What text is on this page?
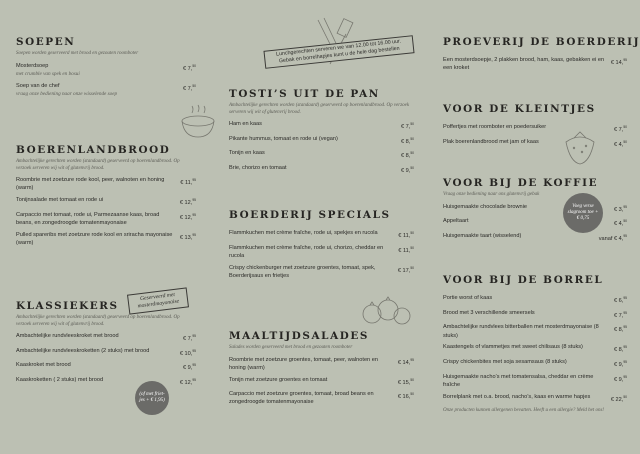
SOEPEN
Soepen worden geserveerd met brood en gezouten roomboter
Mosterdsoep
met crumble van spek en bosui
€ 7,50
Soep van de chef
vraag onze bediening naar onze wisselende soep
€ 7,50
BOERENLANDBROOD
Ambachtelijke gerechten worden (standaard) geserveerd op boerenlandbrood. Op verzoek serveren wij wit of glutenvrij brood.
Roombrie met zoetzure rode kool, peer, walnoten en honing (warm)
€ 11,95
Tonijnsalade met tomaat en rode ui	€ 12,95
Carpaccio met tomaat, rode ui, Parmezaanse kaas, broad beans, en zongedroogde tomatenmayonaise
€ 12,95
Pulled spareribs met zoetzure rode kool en sriracha mayonaise (warm)
€ 13,95
KLASSIEKERS
Ambachtelijke gerechten worden (standaard) geserveerd op boerenlandbrood. Op verzoek serveren wij wit of glutenvrij brood.
Ambachtelijke rundvleeskroket met brood	€ 7,95
Ambachtelijke rundvleeskroketten (2 stuks) met brood	€ 10,95
Kaaskroket met brood	€ 9,95
Kaaskroketten ( 2 stuks) met brood	€ 12,95
Geserveerd met mosterdmayonaise
(of met frietjes + € 1,95)
Lunchgerechten serveren we van 12.00 tot 16.00 uur. Gebak en borrelhapjes kunt u de hele dag bestellen
TOSTI’S UIT DE PAN
Ambachtelijke gerechten worden (standaard) geserveerd op boerenlandbrood. Op verzoek serveren wij wit of glutenvrij brood.
Ham en kaas	€ 7,50
Pikante hummus, tomaat en rode ui (vegan)	€ 8,50
Tonijn en kaas	€ 8,50
Brie, chorizo en tomaat	€ 9,50
BOERDERIJ SPECIALS
Flammkuchen met crème fraîche, rode ui, spekjes en rucola	€ 11,50
Flammkuchen met crème fraîche, rode ui, chorizo, cheddar en rucola
€ 11,50
Crispy chickenburger met zoetzure groentes, tomaat, spek, Boerderijsaus en frietjes
€ 17,50
MAALTIJDSALADES
Salades worden geserveerd met brood en gezouten roomboter
Roombrie met zoetzure groentes, tomaat, peer, walnoten en honing (warm)
€ 14,95
Tonijn met zoetzure groentes en tomaat	€ 15,50
Carpaccio met zoetzure groentes, tomaat, broad beans en zongedroogde tomatenmayonaise
€ 16,50
PROEVERIJ DE BOERDERIJ
Een mosterdsoepje, 2 plakken brood, ham, kaas, gebakken ei en een kroket
€ 14,95
VOOR DE KLEINTJES
Poffertjes met roomboter en poedersuiker	€ 7,50
Plak boerenlandbrood met jam of kaas	€ 4,50
VOOR BIJ DE KOFFIE
Vraag onze bediening naar ons glutenvrij gebak
Huisgemaakte chocolade brownie	€ 3,95
Appeltaart	€ 4,50
Huisgemaakte taart (wisselend)	vanaf € 4,95
VOOR BIJ DE BORREL
Portie worst of kaas	€ 6,95
Brood met 3 verschillende smeersels	€ 7,95
Ambachtelijke rundvlees bitterballen met mosterdmayonaise (8 stuks)
€ 8,95
Kaastengels of vlammetjes met sweet chilisaus (8 stuks)	€ 8,95
Crispy chickenbites met soja sesamsaus (8 stuks)	€ 9,95
Huisgemaakte nacho’s met tomatensalsa, cheddar en crème fraîche
€ 9,95
Borrelplank met o.a. brood, nacho’s, kaas en warme hapjes	€ 22,50
Onze producten kunnen allergenen bevatten. Heeft u een allergie? Meld het ons!
Voeg verse slagroom toe + € 0,75
